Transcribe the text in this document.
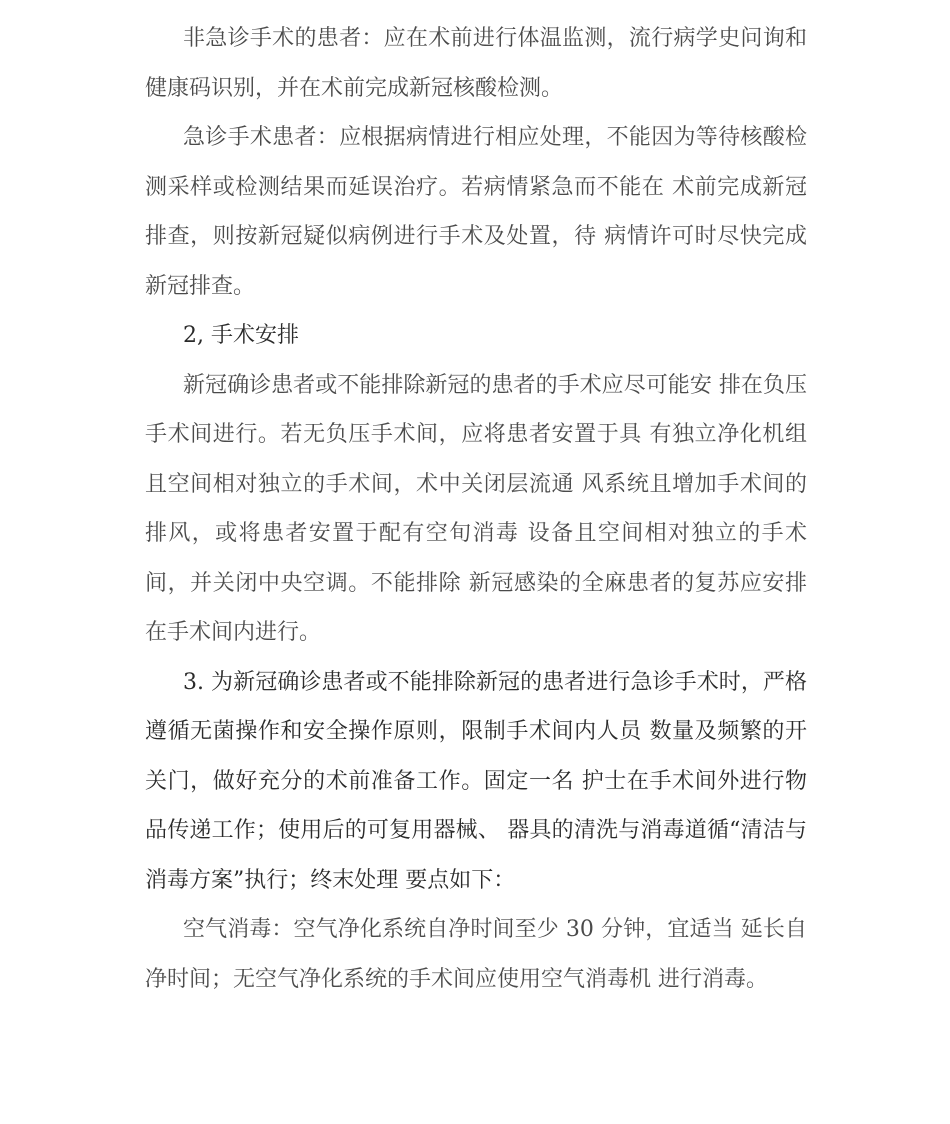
非急诊手术的患者：应在术前进行体温监测，流行病学史问询和健康码识别，并在术前完成新冠核酸检测。

急诊手术患者：应根据病情进行相应处理，不能因为等待核酸检测采样或检测结果而延误治疗。若病情紧急而不能在 术前完成新冠排查，则按新冠疑似病例进行手术及处置，待 病情许可时尽快完成新冠排查。

2, 手术安排

新冠确诊患者或不能排除新冠的患者的手术应尽可能安 排在负压手术间进行。若无负压手术间，应将患者安置于具 有独立净化机组且空间相对独立的手术间，术中关闭层流通 风系统且增加手术间的排风，或将患者安置于配有空旬消毒 设备且空间相对独立的手术间，并关闭中央空调。不能排除 新冠感染的全麻患者的复苏应安排在手术间内进行。

3. 为新冠确诊患者或不能排除新冠的患者进行急诊手术时，严格遵循无菌操作和安全操作原则，限制手术间内人员 数量及频繁的开关门，做好充分的术前准备工作。固定一名 护士在手术间外进行物品传递工作；使用后的可复用器械、 器具的清洗与消毒道循“清洁与消毒方案”执行；终末处理 要点如下：

空气消毒：空气净化系统自净时间至少 30 分钟，宜适当 延长自净时间；无空气净化系统的手术间应使用空气消毒机 进行消毒。
